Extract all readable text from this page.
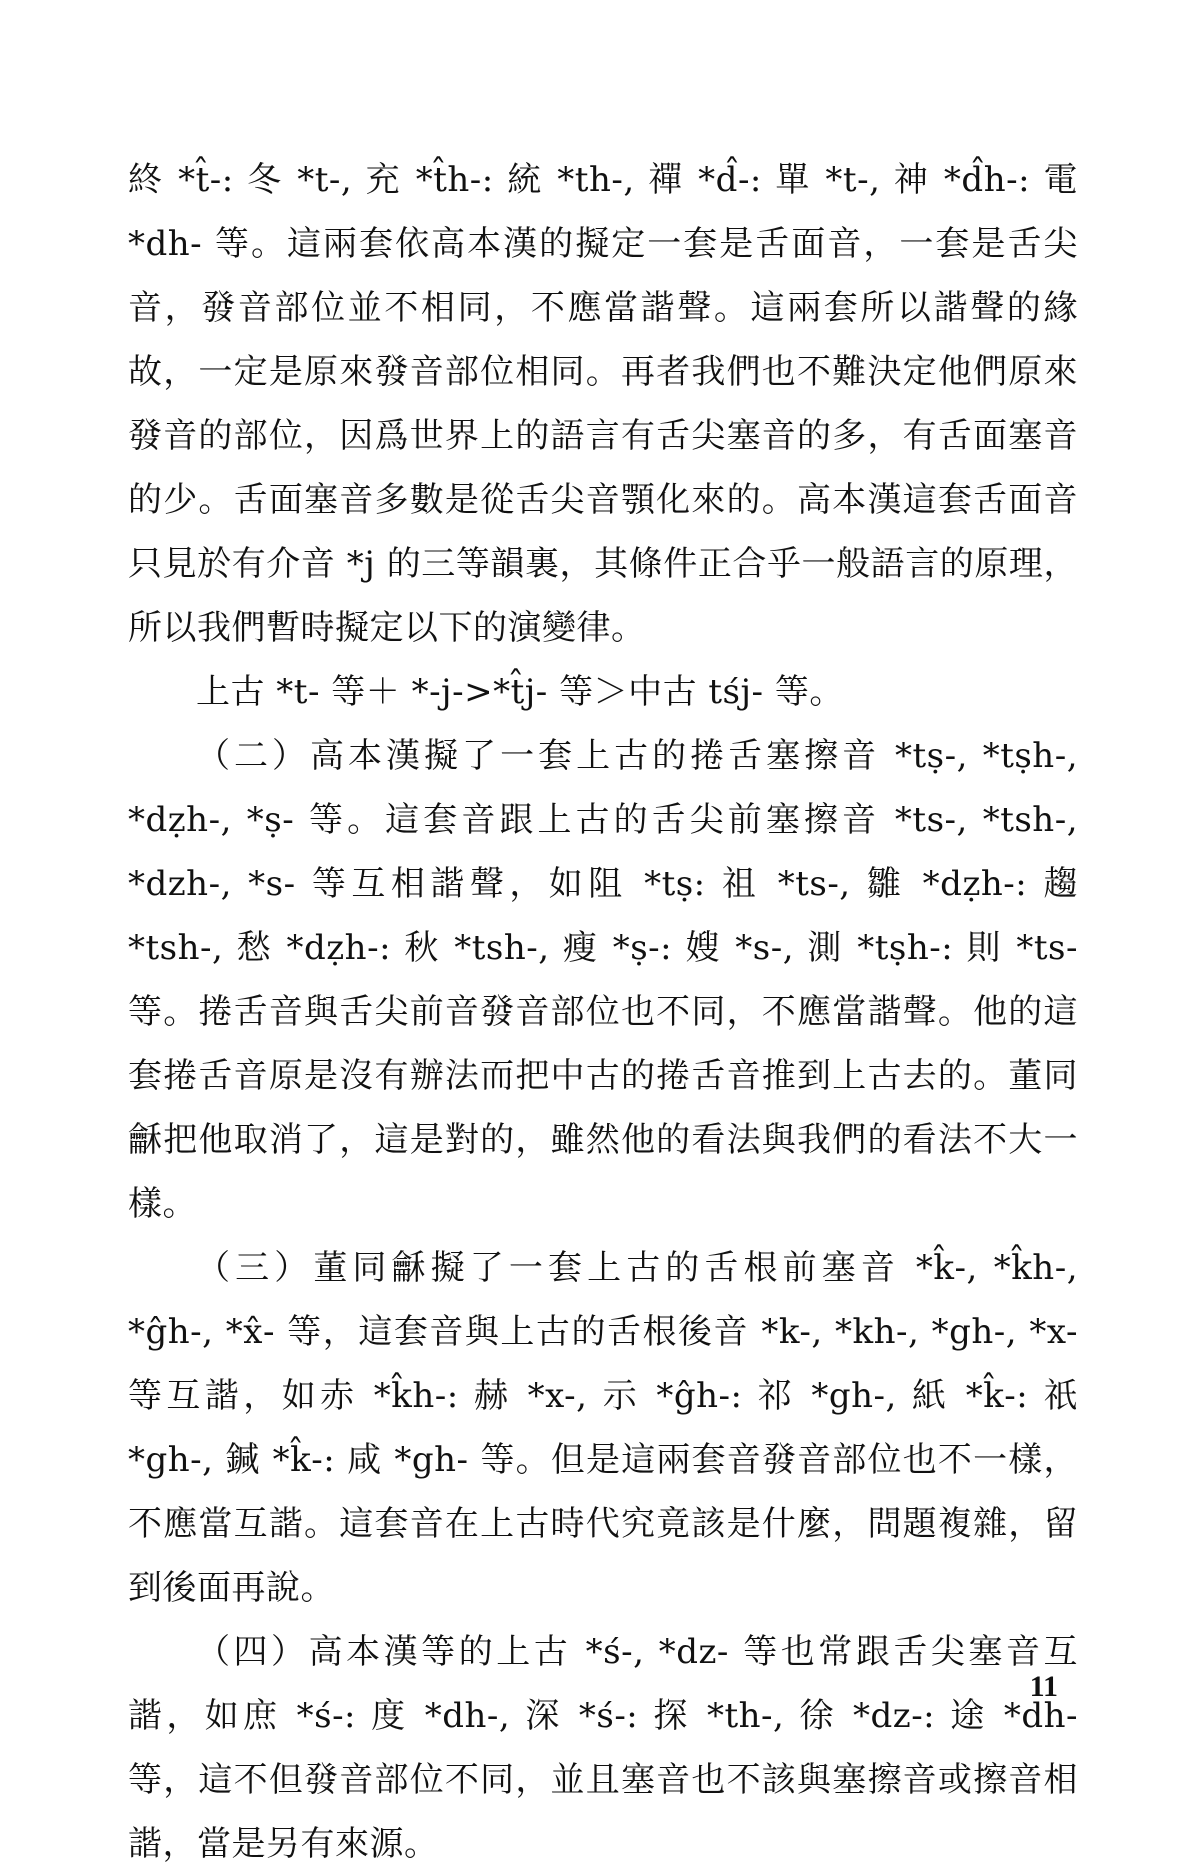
終 *t̂-: 冬 *t-, 充 *t̂h-: 統 *th-, 禪 *d̂-: 單 *t-, 神 *d̂h-: 電 *dh- 等。這兩套依高本漢的擬定一套是舌面音，一套是舌尖音，發音部位並不相同，不應當諧聲。這兩套所以諧聲的緣故，一定是原來發音部位相同。再者我們也不難決定他們原來發音的部位，因爲世界上的語言有舌尖塞音的多，有舌面塞音的少。舌面塞音多數是從舌尖音顎化來的。高本漢這套舌面音只見於有介音 *j 的三等韻裏，其條件正合乎一般語言的原理，所以我們暫時擬定以下的演變律。

上古 *t- 等＋ *-j->*t̂j- 等＞中古 tśj- 等。

（二）高本漢擬了一套上古的捲舌塞擦音 *tṣ-, *tṣh-, *dẓh-, *ṣ- 等。這套音跟上古的舌尖前塞擦音 *ts-, *tsh-, *dzh-, *s- 等互相諧聲，如阻 *tṣ: 祖 *ts-, 雛 *dẓh-: 趨 *tsh-, 愁 *dẓh-: 秋 *tsh-, 瘦 *ṣ-: 嫂 *s-, 測 *tṣh-: 則 *ts- 等。捲舌音與舌尖前音發音部位也不同，不應當諧聲。他的這套捲舌音原是沒有辦法而把中古的捲舌音推到上古去的。董同龢把他取消了，這是對的，雖然他的看法與我們的看法不大一樣。

（三）董同龢擬了一套上古的舌根前塞音 *k̂-, *k̂h-, *ĝh-, *x̂- 等，這套音與上古的舌根後音 *k-, *kh-, *gh-, *x- 等互諧，如赤 *k̂h-: 赫 *x-, 示 *ĝh-: 祁 *gh-, 紙 *k̂-: 祇 *gh-, 鍼 *k̂-: 咸 *gh- 等。但是這兩套音發音部位也不一樣，不應當互諧。這套音在上古時代究竟該是什麼，問題複雜，留到後面再說。

（四）高本漢等的上古 *ś-, *dz- 等也常跟舌尖塞音互諧，如庶 *ś-: 度 *dh-, 深 *ś-: 探 *th-, 徐 *dz-: 途 *dh- 等，這不但發音部位不同，並且塞音也不該與塞擦音或擦音相諧，當是另有來源。

11
